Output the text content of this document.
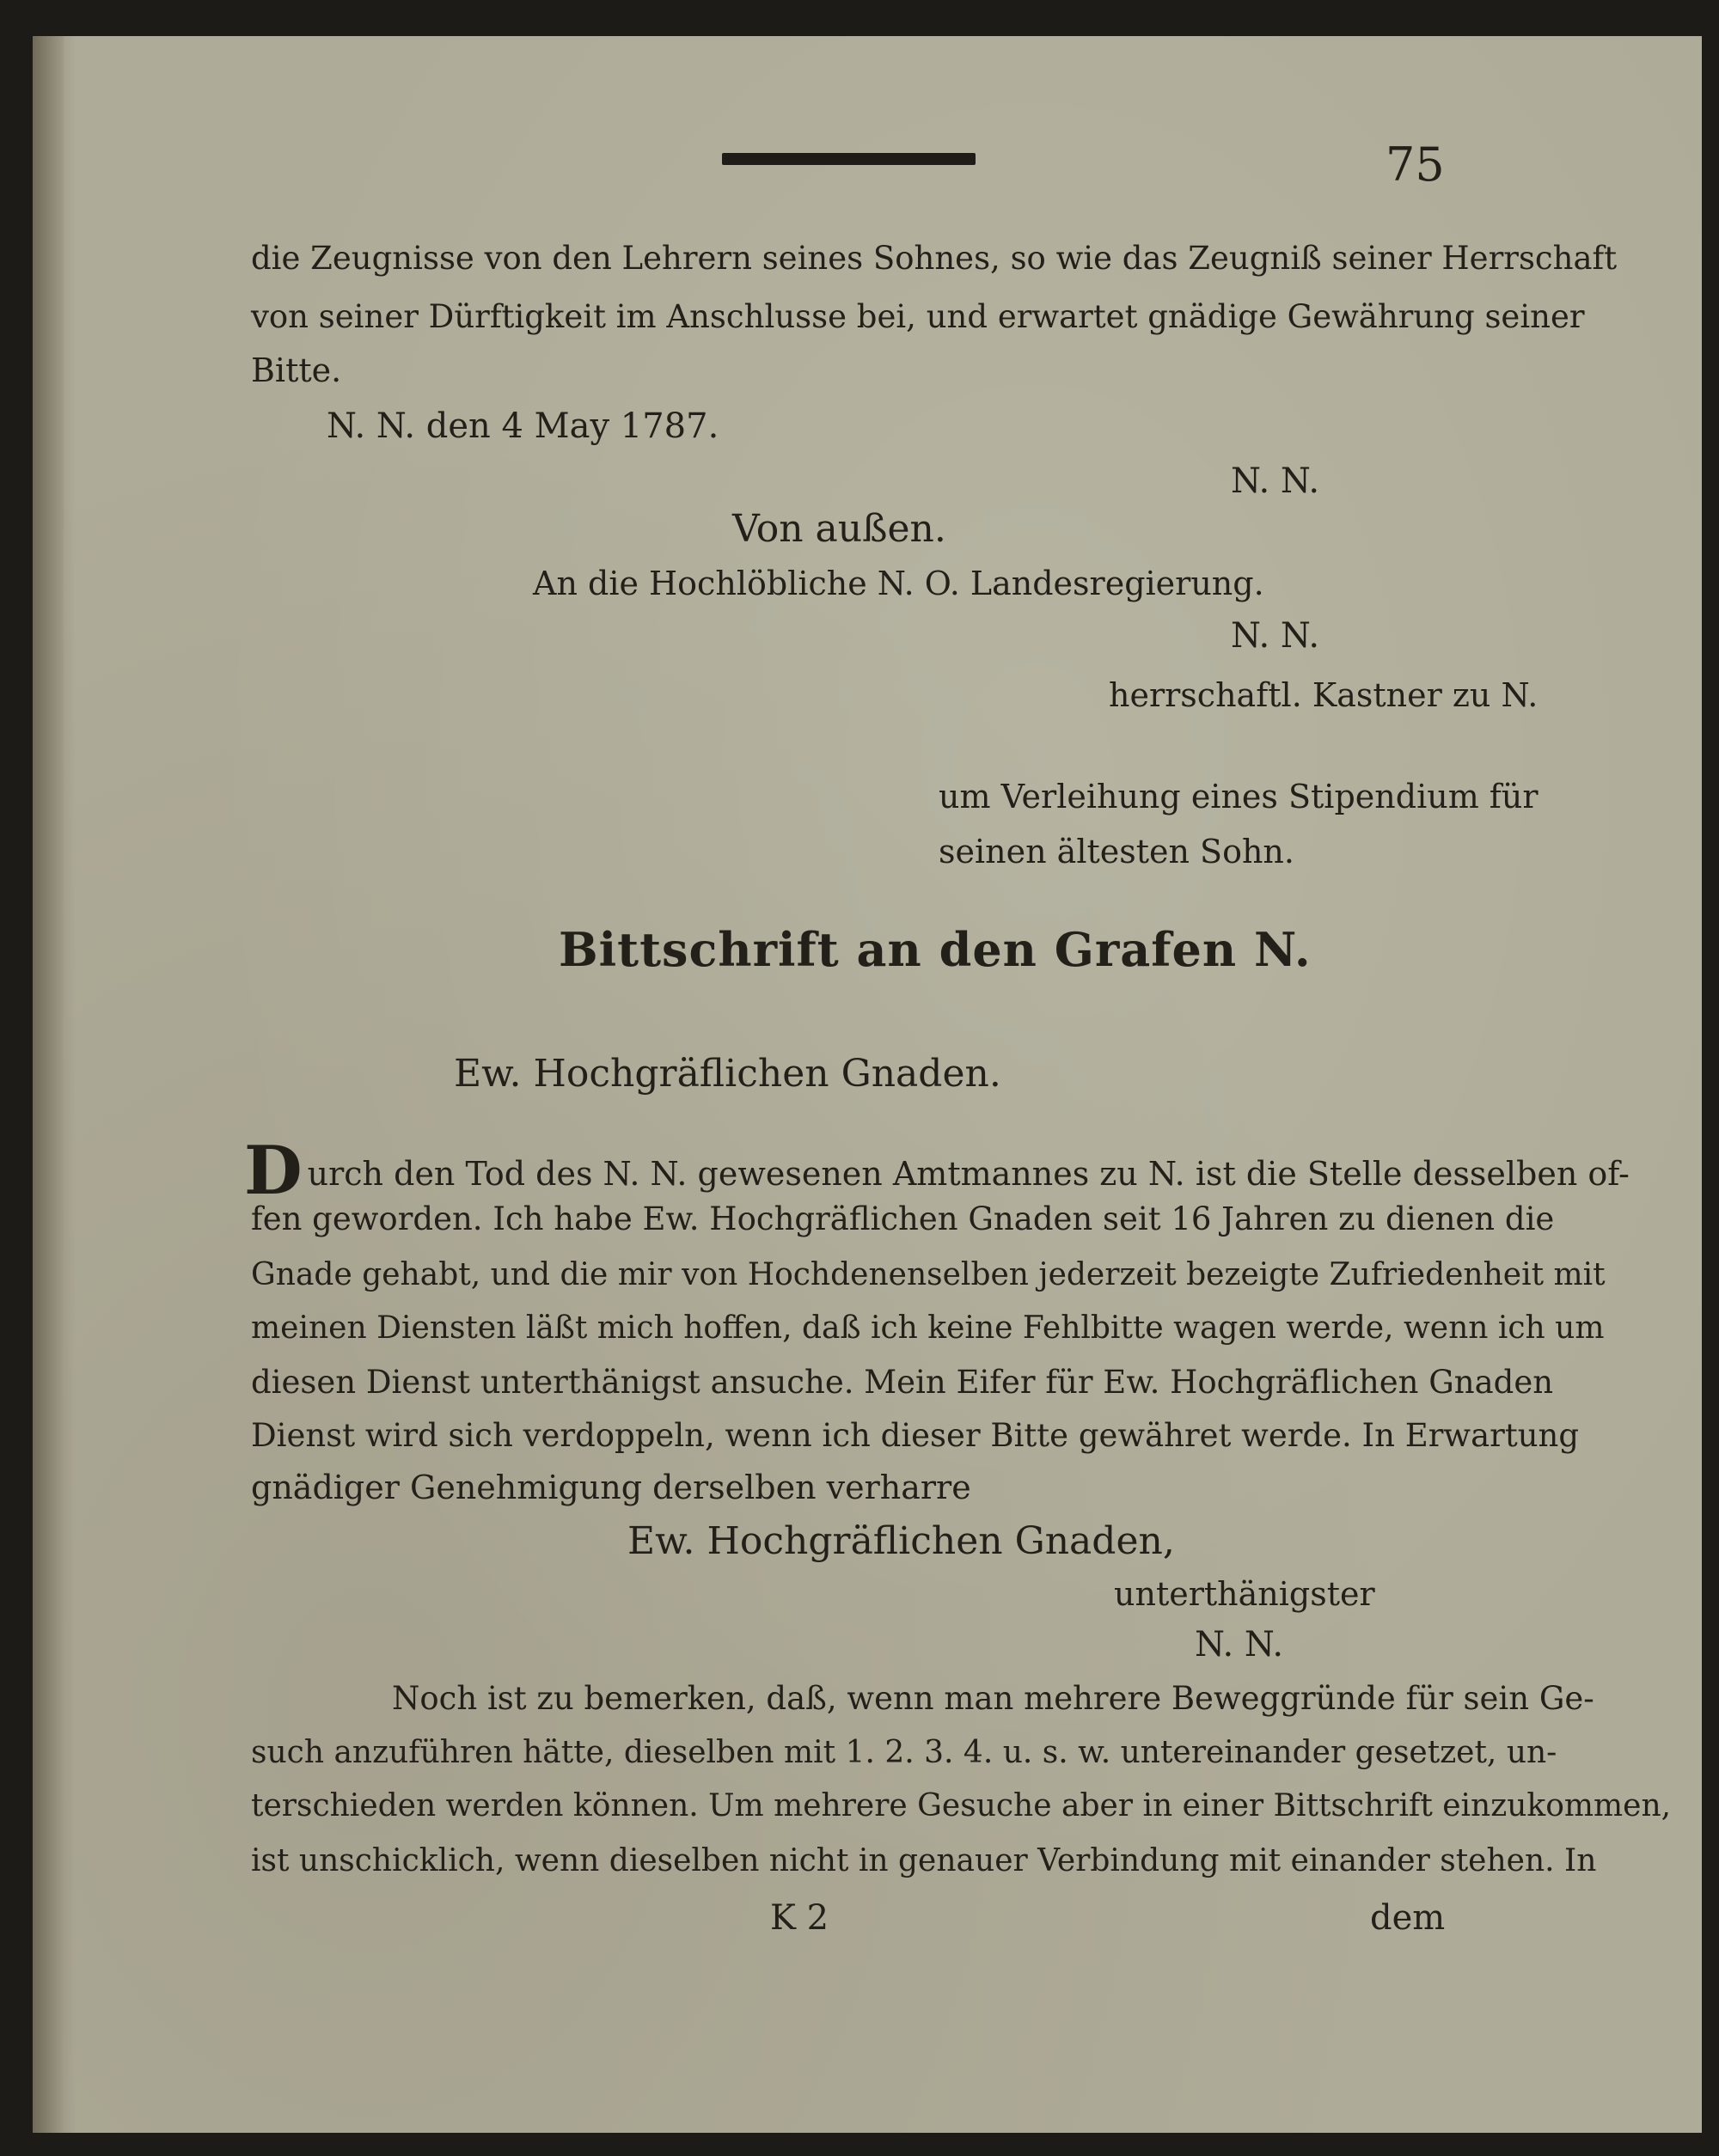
75
die Zeugnisse von den Lehrern seines Sohnes, so wie das Zeugniß seiner Herrschaft
von seiner Dürftigkeit im Anschlusse bei, und erwartet gnädige Gewährung seiner
Bitte.
N. N. den 4 May 1787.
N. N.
Von außen.
An die Hochlöbliche N. O. Landesregierung.
N. N.
herrschaftl. Kastner zu N.
um Verleihung eines Stipendium für
seinen ältesten Sohn.
Bittschrift an den Grafen N.
Ew. Hochgräflichen Gnaden.
Durch den Tod des N. N. gewesenen Amtmannes zu N. ist die Stelle desselben of-
fen geworden. Ich habe Ew. Hochgräflichen Gnaden seit 16 Jahren zu dienen die
Gnade gehabt, und die mir von Hochdenenselben jederzeit bezeigte Zufriedenheit mit
meinen Diensten läßt mich hoffen, daß ich keine Fehlbitte wagen werde, wenn ich um
diesen Dienst unterthänigst ansuche. Mein Eifer für Ew. Hochgräflichen Gnaden
Dienst wird sich verdoppeln, wenn ich dieser Bitte gewähret werde. In Erwartung
gnädiger Genehmigung derselben verharre
Ew. Hochgräflichen Gnaden,
unterthänigster
N. N.
Noch ist zu bemerken, daß, wenn man mehrere Beweggründe für sein Ge-
such anzuführen hätte, dieselben mit 1. 2. 3. 4. u. s. w. untereinander gesetzet, un-
terschieden werden können. Um mehrere Gesuche aber in einer Bittschrift einzukommen,
ist unschicklich, wenn dieselben nicht in genauer Verbindung mit einander stehen. In
K 2	dem
